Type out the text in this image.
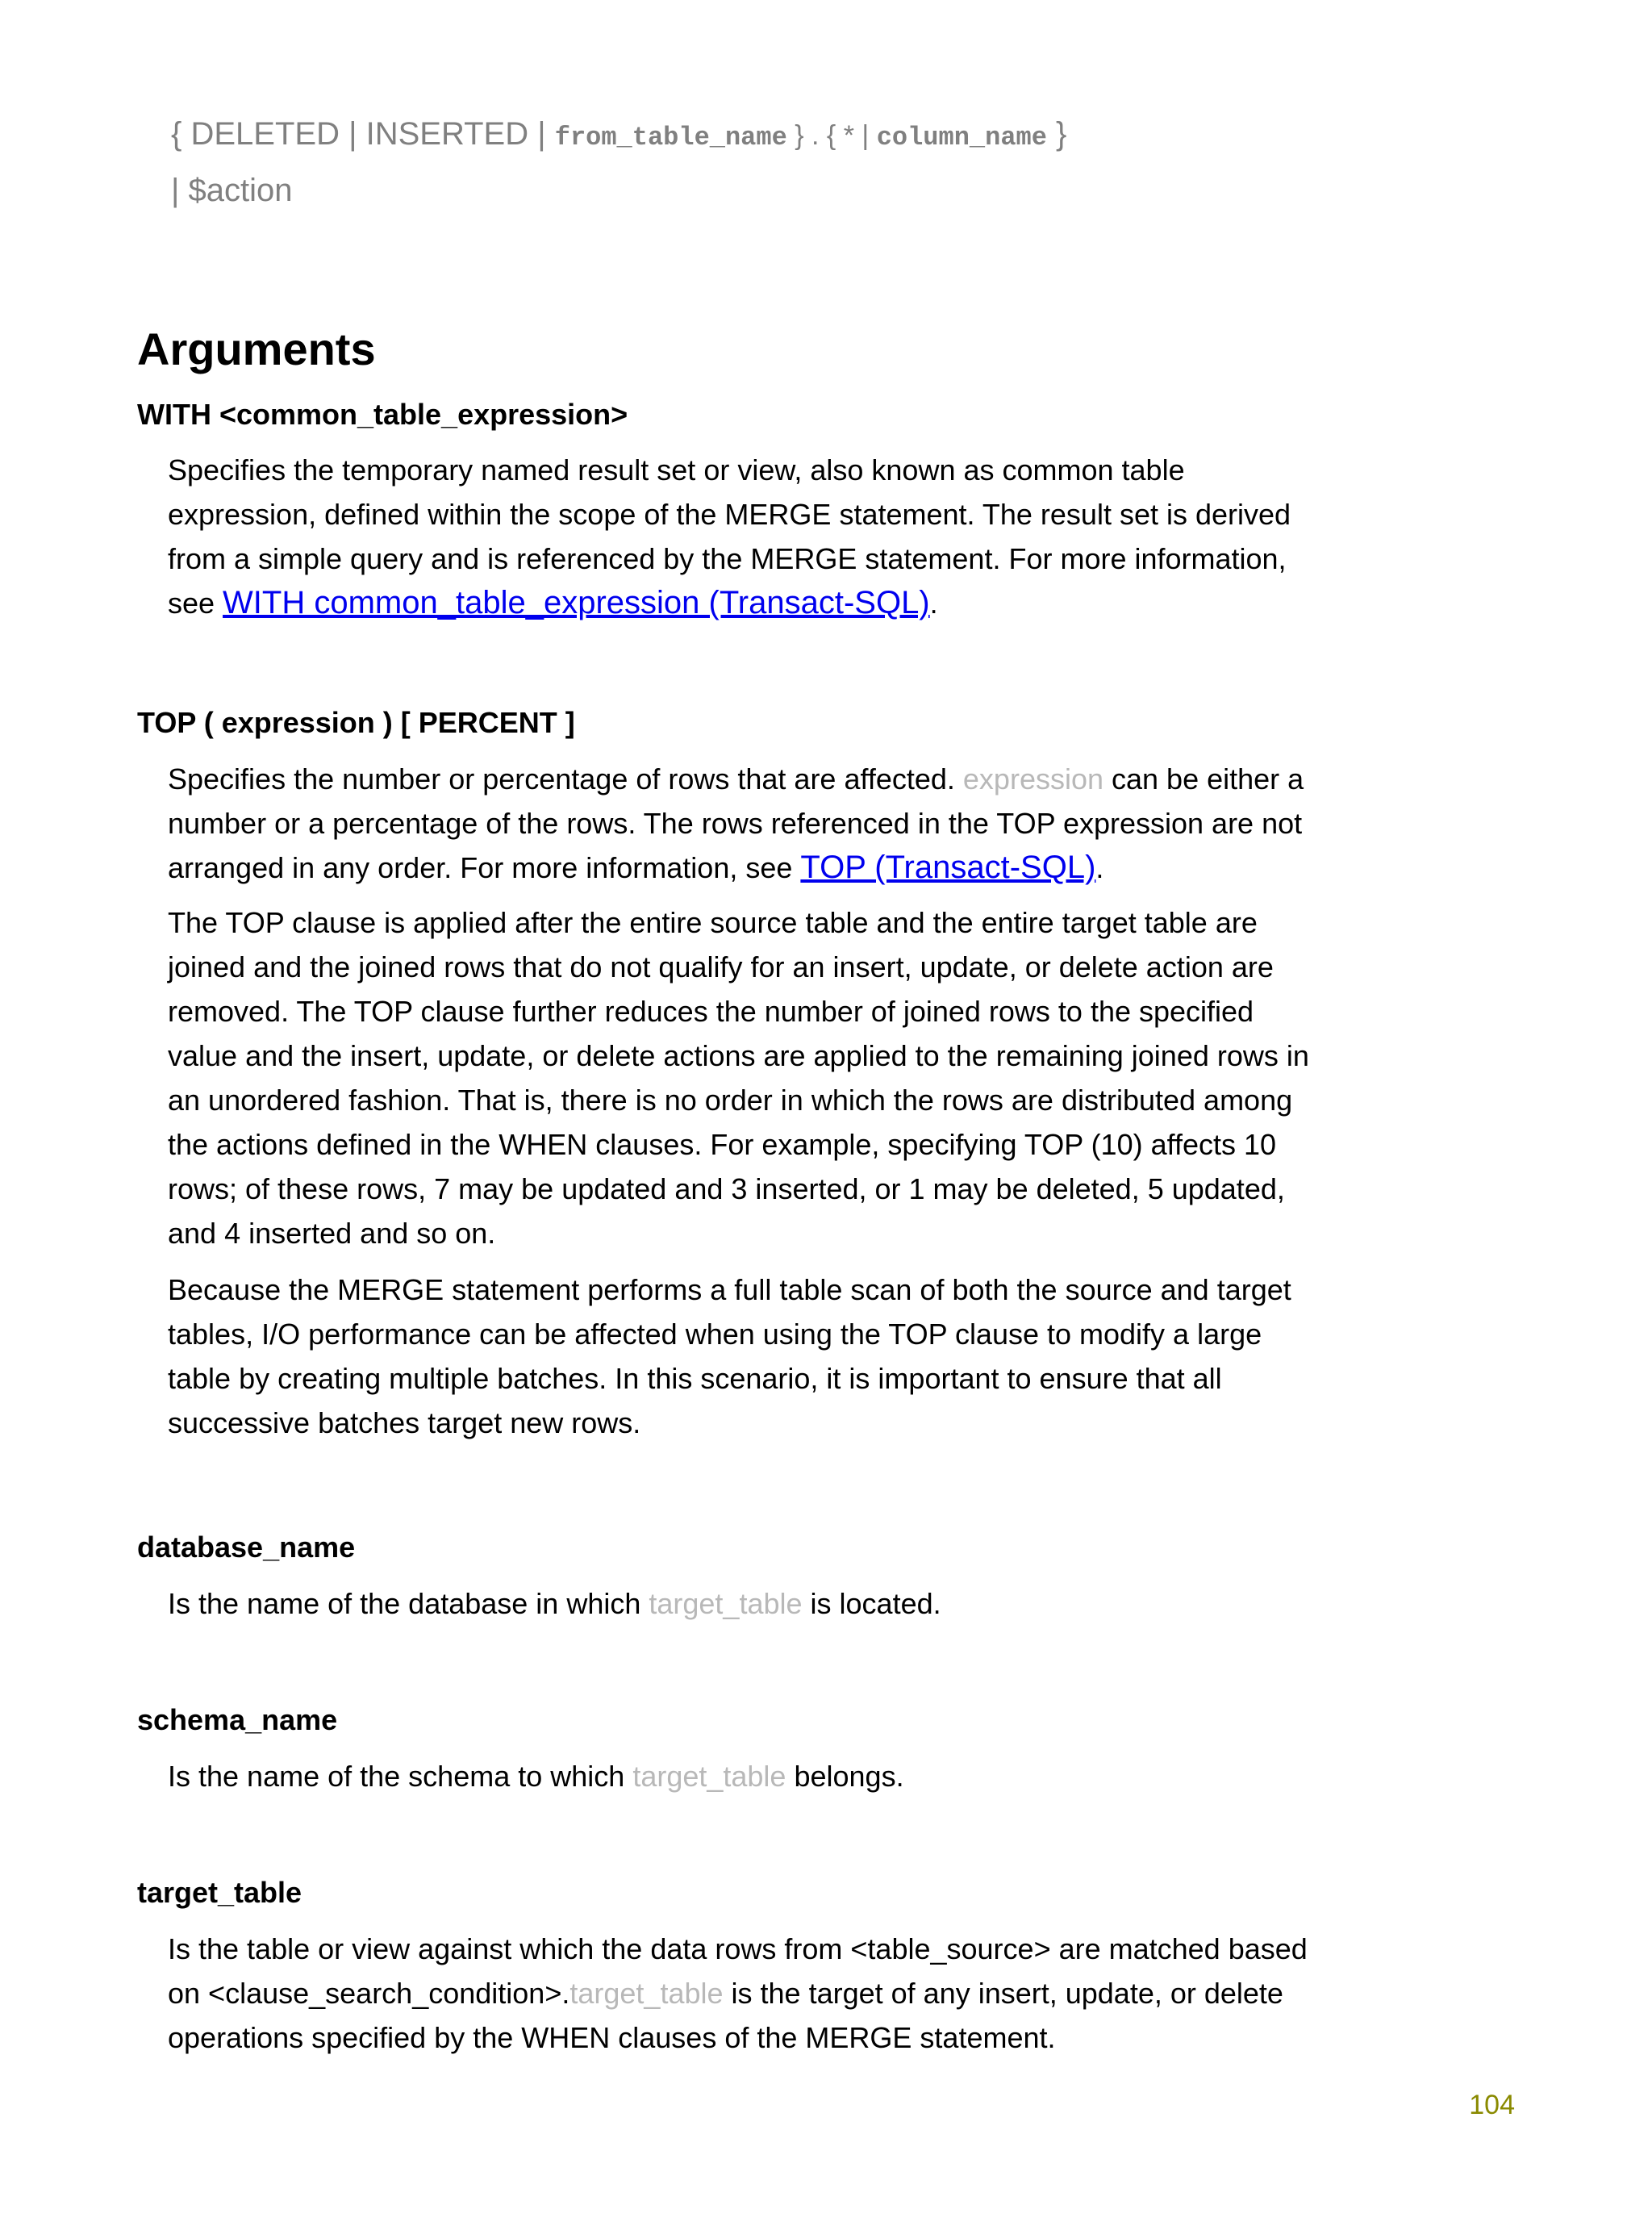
{ DELETED | INSERTED | from_table_name } . { * | column_name }
| $action
Arguments
WITH <common_table_expression>

Specifies the temporary named result set or view, also known as common table expression, defined within the scope of the MERGE statement. The result set is derived from a simple query and is referenced by the MERGE statement. For more information, see WITH common_table_expression (Transact-SQL).

TOP ( expression ) [ PERCENT ]

Specifies the number or percentage of rows that are affected. expression can be either a number or a percentage of the rows. The rows referenced in the TOP expression are not arranged in any order. For more information, see TOP (Transact-SQL).

The TOP clause is applied after the entire source table and the entire target table are joined and the joined rows that do not qualify for an insert, update, or delete action are removed. The TOP clause further reduces the number of joined rows to the specified value and the insert, update, or delete actions are applied to the remaining joined rows in an unordered fashion. That is, there is no order in which the rows are distributed among the actions defined in the WHEN clauses. For example, specifying TOP (10) affects 10 rows; of these rows, 7 may be updated and 3 inserted, or 1 may be deleted, 5 updated, and 4 inserted and so on.

Because the MERGE statement performs a full table scan of both the source and target tables, I/O performance can be affected when using the TOP clause to modify a large table by creating multiple batches. In this scenario, it is important to ensure that all successive batches target new rows.

database_name

Is the name of the database in which target_table is located.

schema_name

Is the name of the schema to which target_table belongs.

target_table

Is the table or view against which the data rows from <table_source> are matched based on <clause_search_condition>.target_table is the target of any insert, update, or delete operations specified by the WHEN clauses of the MERGE statement.

104
